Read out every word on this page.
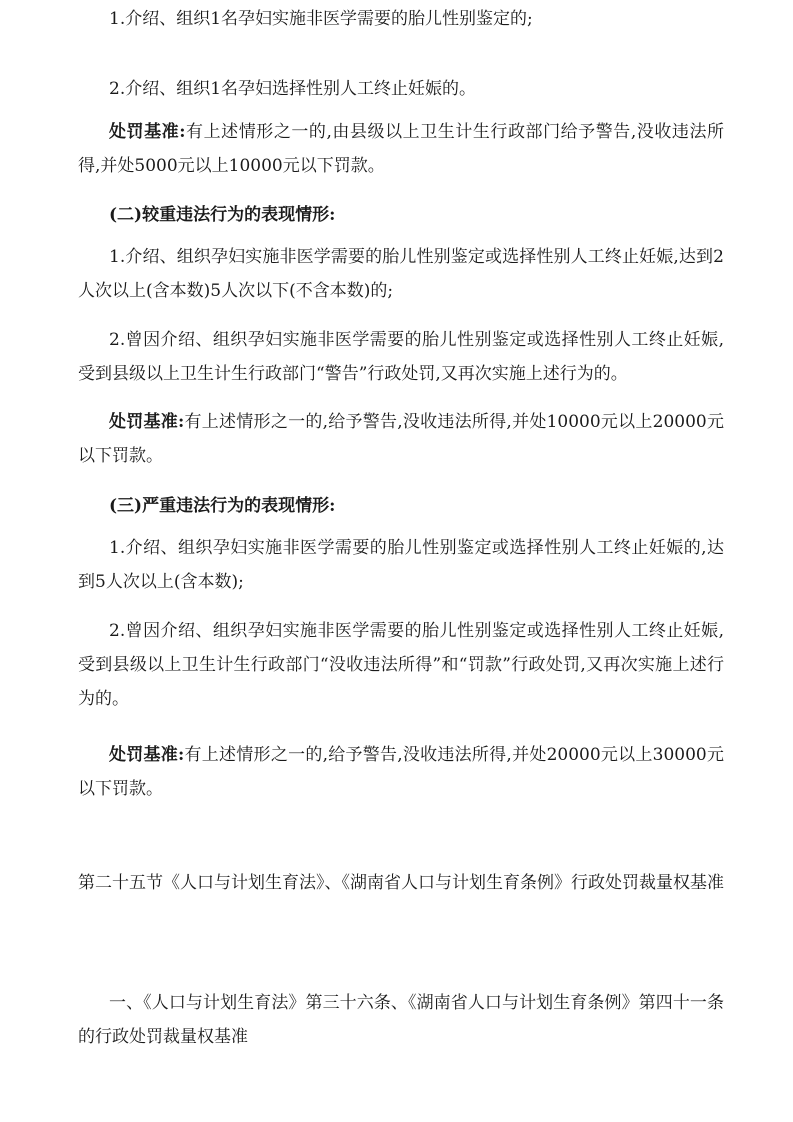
1.介绍、组织1名孕妇实施非医学需要的胎儿性别鉴定的;

2.介绍、组织1名孕妇选择性别人工终止妊娠的。

处罚基准:有上述情形之一的,由县级以上卫生计生行政部门给予警告,没收违法所得,并处5000元以上10000元以下罚款。

(二)较重违法行为的表现情形:

1.介绍、组织孕妇实施非医学需要的胎儿性别鉴定或选择性别人工终止妊娠,达到2人次以上(含本数)5人次以下(不含本数)的;

2.曾因介绍、组织孕妇实施非医学需要的胎儿性别鉴定或选择性别人工终止妊娠,受到县级以上卫生计生行政部门“警告”行政处罚,又再次实施上述行为的。

处罚基准:有上述情形之一的,给予警告,没收违法所得,并处10000元以上20000元以下罚款。

(三)严重违法行为的表现情形:

1.介绍、组织孕妇实施非医学需要的胎儿性别鉴定或选择性别人工终止妊娠的,达到5人次以上(含本数);

2.曾因介绍、组织孕妇实施非医学需要的胎儿性别鉴定或选择性别人工终止妊娠,受到县级以上卫生计生行政部门“没收违法所得”和“罚款”行政处罚,又再次实施上述行为的。

处罚基准:有上述情形之一的,给予警告,没收违法所得,并处20000元以上30000元以下罚款。

第二十五节《人口与计划生育法》、《湖南省人口与计划生育条例》行政处罚裁量权基准

一、《人口与计划生育法》第三十六条、《湖南省人口与计划生育条例》第四十一条的行政处罚裁量权基准
